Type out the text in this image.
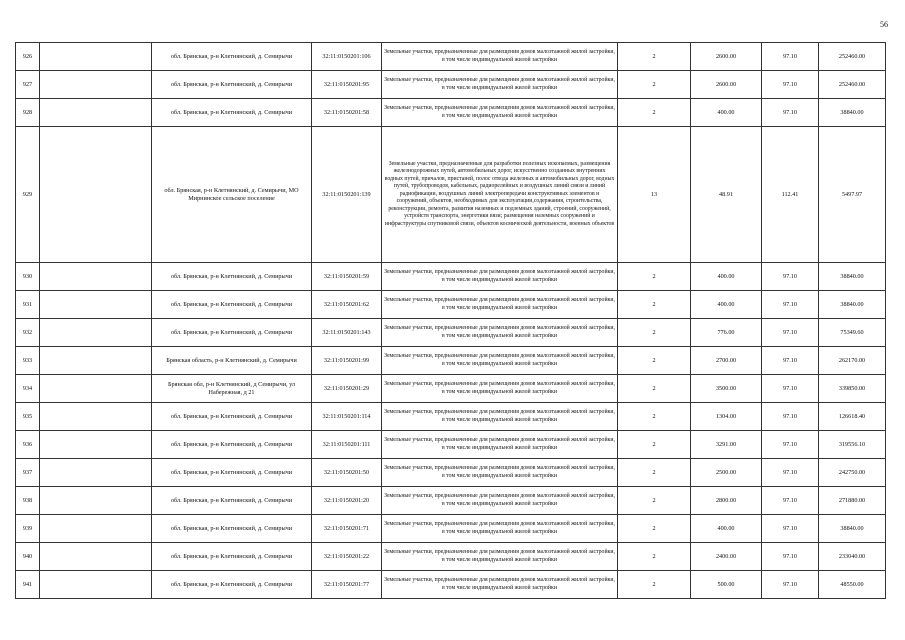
56
926		обл. Брянская, р-н Клетнянский, д. Семирычи	32:11:0150201:106	Земельные участки, предназначенные для размещения домов малоэтажной жилой застройки, в том числе индивидуальной жилой застройки	2	2600.00	97.10	252460.00
927		обл. Брянская, р-н Клетнянский, д. Семирычи	32:11:0150201:95	Земельные участки, предназначенные для размещения домов малоэтажной жилой застройки, в том числе индивидуальной жилой застройки	2	2600.00	97.10	252460.00
928		обл. Брянская, р-н Клетнянский, д. Семирычи	32:11:0150201:58	Земельные участки, предназначенные для размещения домов малоэтажной жилой застройки, в том числе индивидуальной жилой застройки	2	400.00	97.10	38840.00
929		обл. Брянская, р-н Клетнянский, д. Семирычи, МО Мирнинское сельское поселение	32:11:0150201:139	Земельные участки, предназначенные для разработки полезных ископаемых, размещения железнодорожных путей, автомобильных дорог, искусственно созданных внутренних водных путей, причалов, пристаней, полос отвода железных и автомобильных дорог, водных путей, трубопроводов, кабельных, радиорелейных и воздушных линий связи и линий радиофикации, воздушных линий электропередачи конструктивных элементов и сооружений, объектов, необходимых для эксплуатации,содержания, строительства, реконструкции, ремонта, развития наземных и подземных зданий, строений, сооружений, устройств транспорта, энергетики вязи; размещения наземных сооружений и инфраструктуры спутниковой связи, объектов космической деятельности, военных объектов	13	48.91	112.41	5497.97
930		обл. Брянская, р-н Клетнянский, д. Семирычи	32:11:0150201:59	Земельные участки, предназначенные для размещения домов малоэтажной жилой застройки, в том числе индивидуальной жилой застройки	2	400.00	97.10	38840.00
931		обл. Брянская, р-н Клетнянский, д. Семирычи	32:11:0150201:62	Земельные участки, предназначенные для размещения домов малоэтажной жилой застройки, в том числе индивидуальной жилой застройки	2	400.00	97.10	38840.00
932		обл. Брянская, р-н Клетнянский, д. Семирычи	32:11:0150201:143	Земельные участки, предназначенные для размещения домов малоэтажной жилой застройки, в том числе индивидуальной жилой застройки	2	776.00	97.10	75349.60
933		Брянская область, р-н Клетнянский, д. Семирычи	32:11:0150201:99	Земельные участки, предназначенные для размещения домов малоэтажной жилой застройки, в том числе индивидуальной жилой застройки	2	2700.00	97.10	262170.00
934		Брянская обл, р-н Клетнянский, д Семирычи, ул Набережная, д 21	32:11:0150201:29	Земельные участки, предназначенные для размещения домов малоэтажной жилой застройки, в том числе индивидуальной жилой застройки	2	3500.00	97.10	339850.00
935		обл. Брянская, р-н Клетнянский, д. Семирычи	32:11:0150201:114	Земельные участки, предназначенные для размещения домов малоэтажной жилой застройки, в том числе индивидуальной жилой застройки	2	1304.00	97.10	126618.40
936		обл. Брянская, р-н Клетнянский, д. Семирычи	32:11:0150201:111	Земельные участки, предназначенные для размещения домов малоэтажной жилой застройки, в том числе индивидуальной жилой застройки	2	3291.00	97.10	319556.10
937		обл. Брянская, р-н Клетнянский, д. Семирычи	32:11:0150201:50	Земельные участки, предназначенные для размещения домов малоэтажной жилой застройки, в том числе индивидуальной жилой застройки	2	2500.00	97.10	242750.00
938		обл. Брянская, р-н Клетнянский, д. Семирычи	32:11:0150201:20	Земельные участки, предназначенные для размещения домов малоэтажной жилой застройки, в том числе индивидуальной жилой застройки	2	2800.00	97.10	271880.00
939		обл. Брянская, р-н Клетнянский, д. Семирычи	32:11:0150201:71	Земельные участки, предназначенные для размещения домов малоэтажной жилой застройки, в том числе индивидуальной жилой застройки	2	400.00	97.10	38840.00
940		обл. Брянская, р-н Клетнянский, д. Семирычи	32:11:0150201:22	Земельные участки, предназначенные для размещения домов малоэтажной жилой застройки, в том числе индивидуальной жилой застройки	2	2400.00	97.10	233040.00
941		обл. Брянская, р-н Клетнянский, д. Семирычи	32:11:0150201:77	Земельные участки, предназначенные для размещения домов малоэтажной жилой застройки, в том числе индивидуальной жилой застройки	2	500.00	97.10	48550.00
